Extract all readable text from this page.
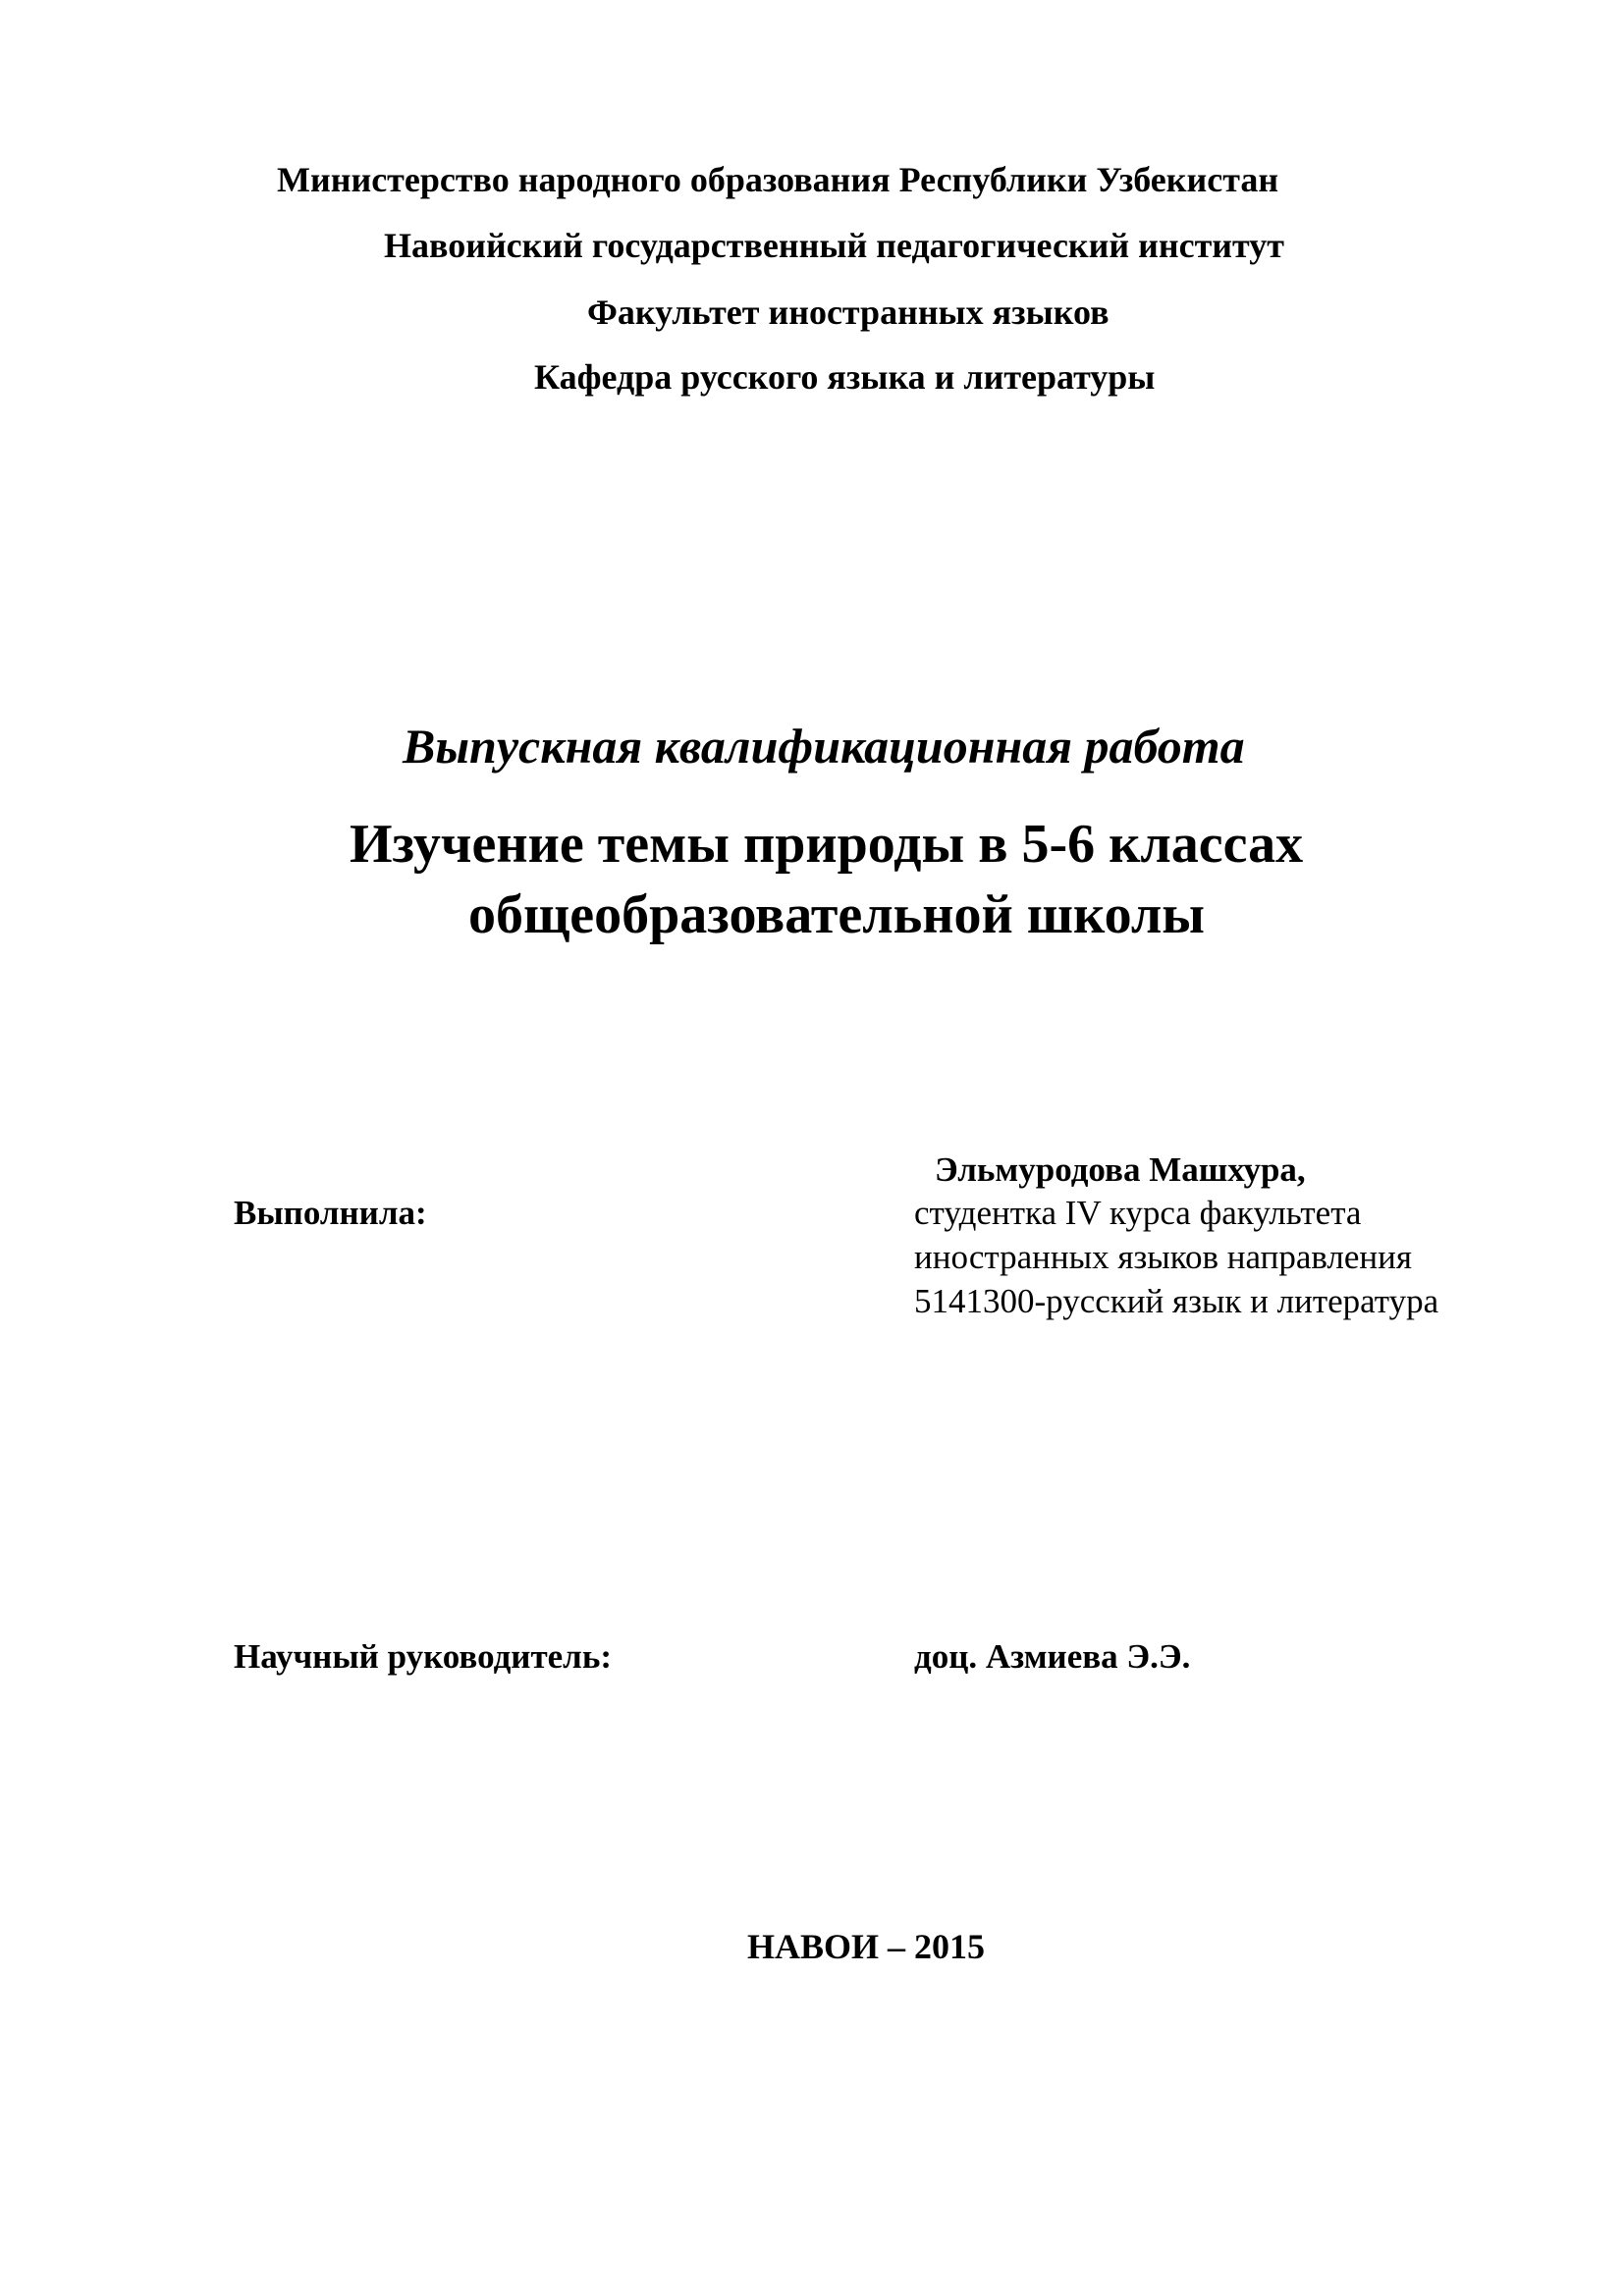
Министерство народного образования Республики Узбекистан
Навоийский государственный педагогический институт
Факультет иностранных языков
Кафедра русского языка и литературы
Выпускная квалификационная работа
Изучение темы природы в 5-6 классах
общеобразовательной школы
Эльмуродова Машхура,
Выполнила:	студентка IV курса факультета
иностранных языков направления
5141300-русский язык и литература
Научный руководитель:	доц. Азмиева Э.Э.
НАВОИ – 2015
